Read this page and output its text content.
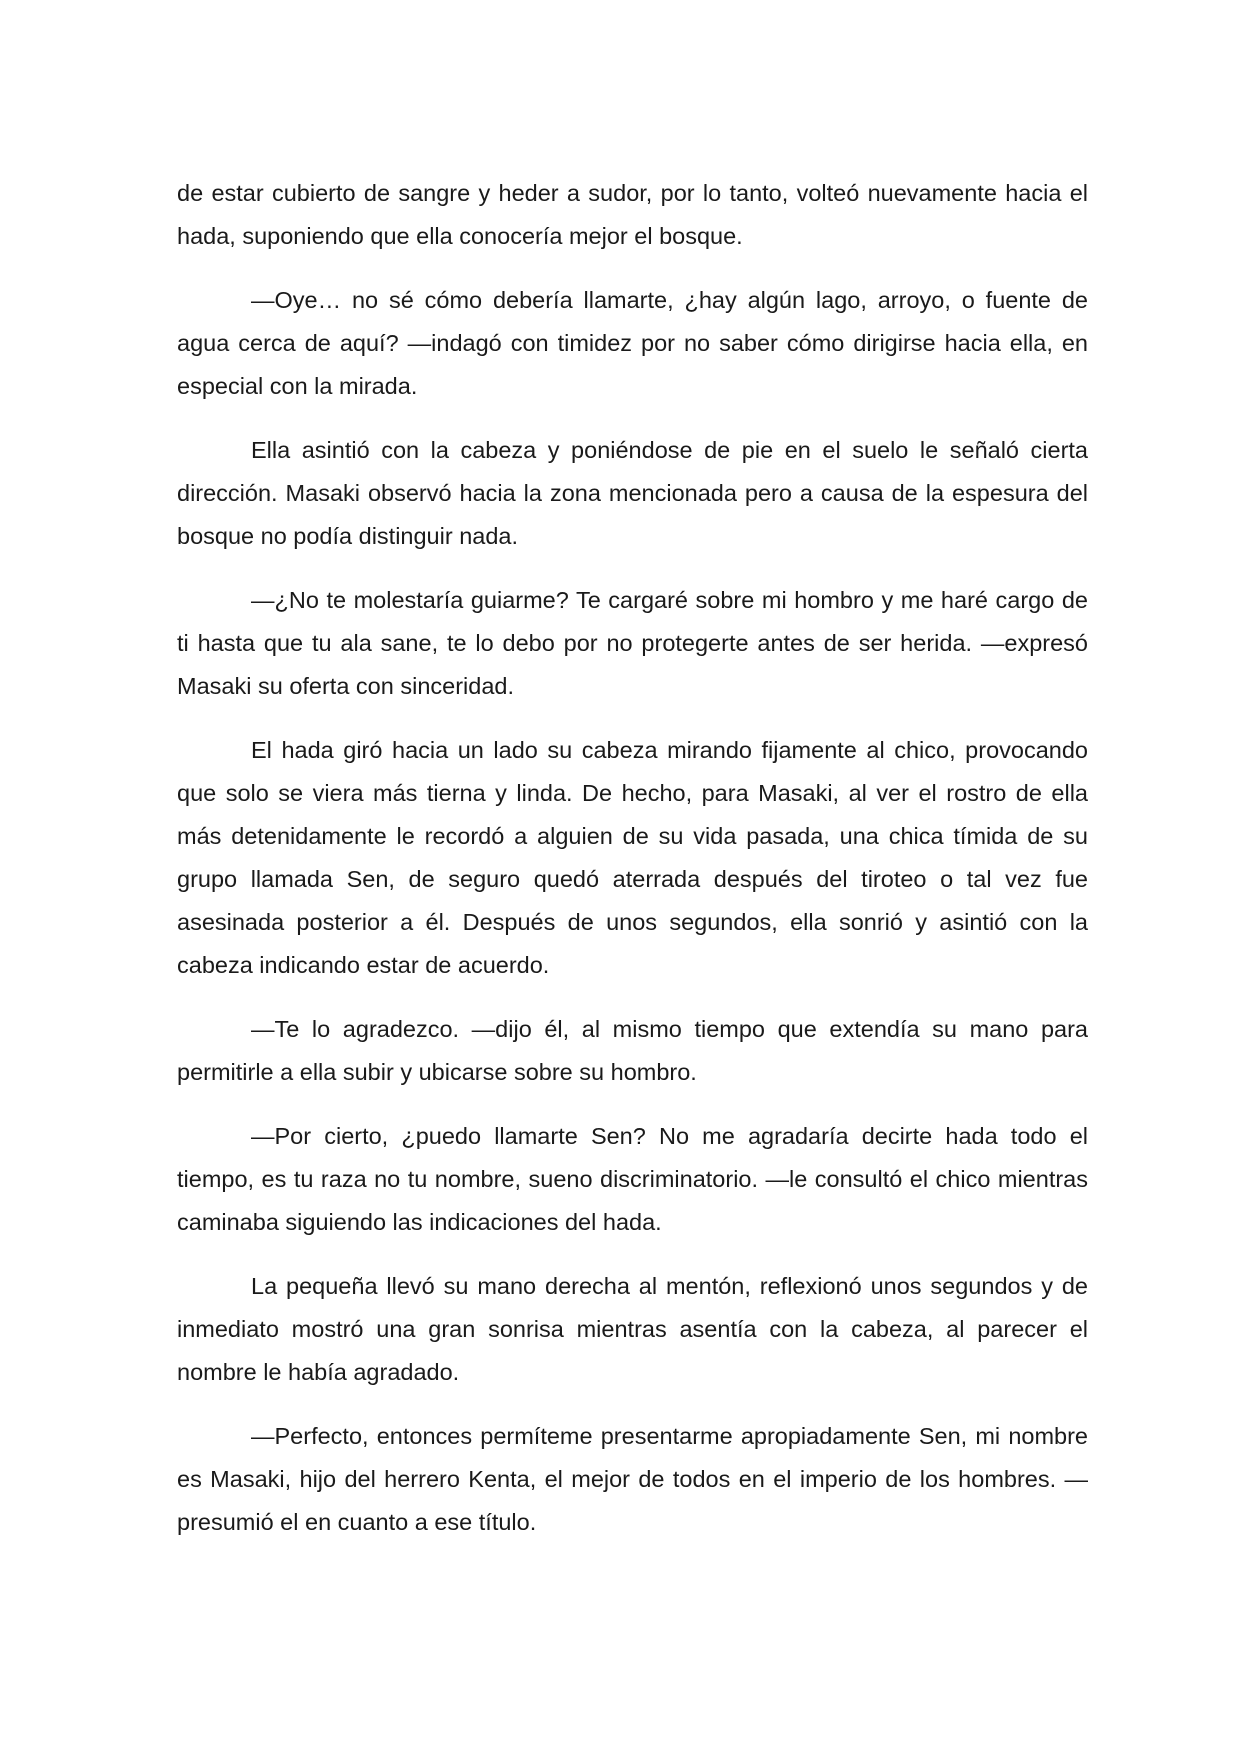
de estar cubierto de sangre y heder a sudor, por lo tanto, volteó nuevamente hacia el hada, suponiendo que ella conocería mejor el bosque.

—Oye… no sé cómo debería llamarte, ¿hay algún lago, arroyo, o fuente de agua cerca de aquí? —indagó con timidez por no saber cómo dirigirse hacia ella, en especial con la mirada.

Ella asintió con la cabeza y poniéndose de pie en el suelo le señaló cierta dirección. Masaki observó hacia la zona mencionada pero a causa de la espesura del bosque no podía distinguir nada.

—¿No te molestaría guiarme? Te cargaré sobre mi hombro y me haré cargo de ti hasta que tu ala sane, te lo debo por no protegerte antes de ser herida. —expresó Masaki su oferta con sinceridad.

El hada giró hacia un lado su cabeza mirando fijamente al chico, provocando que solo se viera más tierna y linda. De hecho, para Masaki, al ver el rostro de ella más detenidamente le recordó a alguien de su vida pasada, una chica tímida de su grupo llamada Sen, de seguro quedó aterrada después del tiroteo o tal vez fue asesinada posterior a él. Después de unos segundos, ella sonrió y asintió con la cabeza indicando estar de acuerdo.

—Te lo agradezco. —dijo él, al mismo tiempo que extendía su mano para permitirle a ella subir y ubicarse sobre su hombro.

—Por cierto, ¿puedo llamarte Sen? No me agradaría decirte hada todo el tiempo, es tu raza no tu nombre, sueno discriminatorio. —le consultó el chico mientras caminaba siguiendo las indicaciones del hada.

La pequeña llevó su mano derecha al mentón, reflexionó unos segundos y de inmediato mostró una gran sonrisa mientras asentía con la cabeza, al parecer el nombre le había agradado.

—Perfecto, entonces permíteme presentarme apropiadamente Sen, mi nombre es Masaki, hijo del herrero Kenta, el mejor de todos en el imperio de los hombres. —presumió el en cuanto a ese título.
